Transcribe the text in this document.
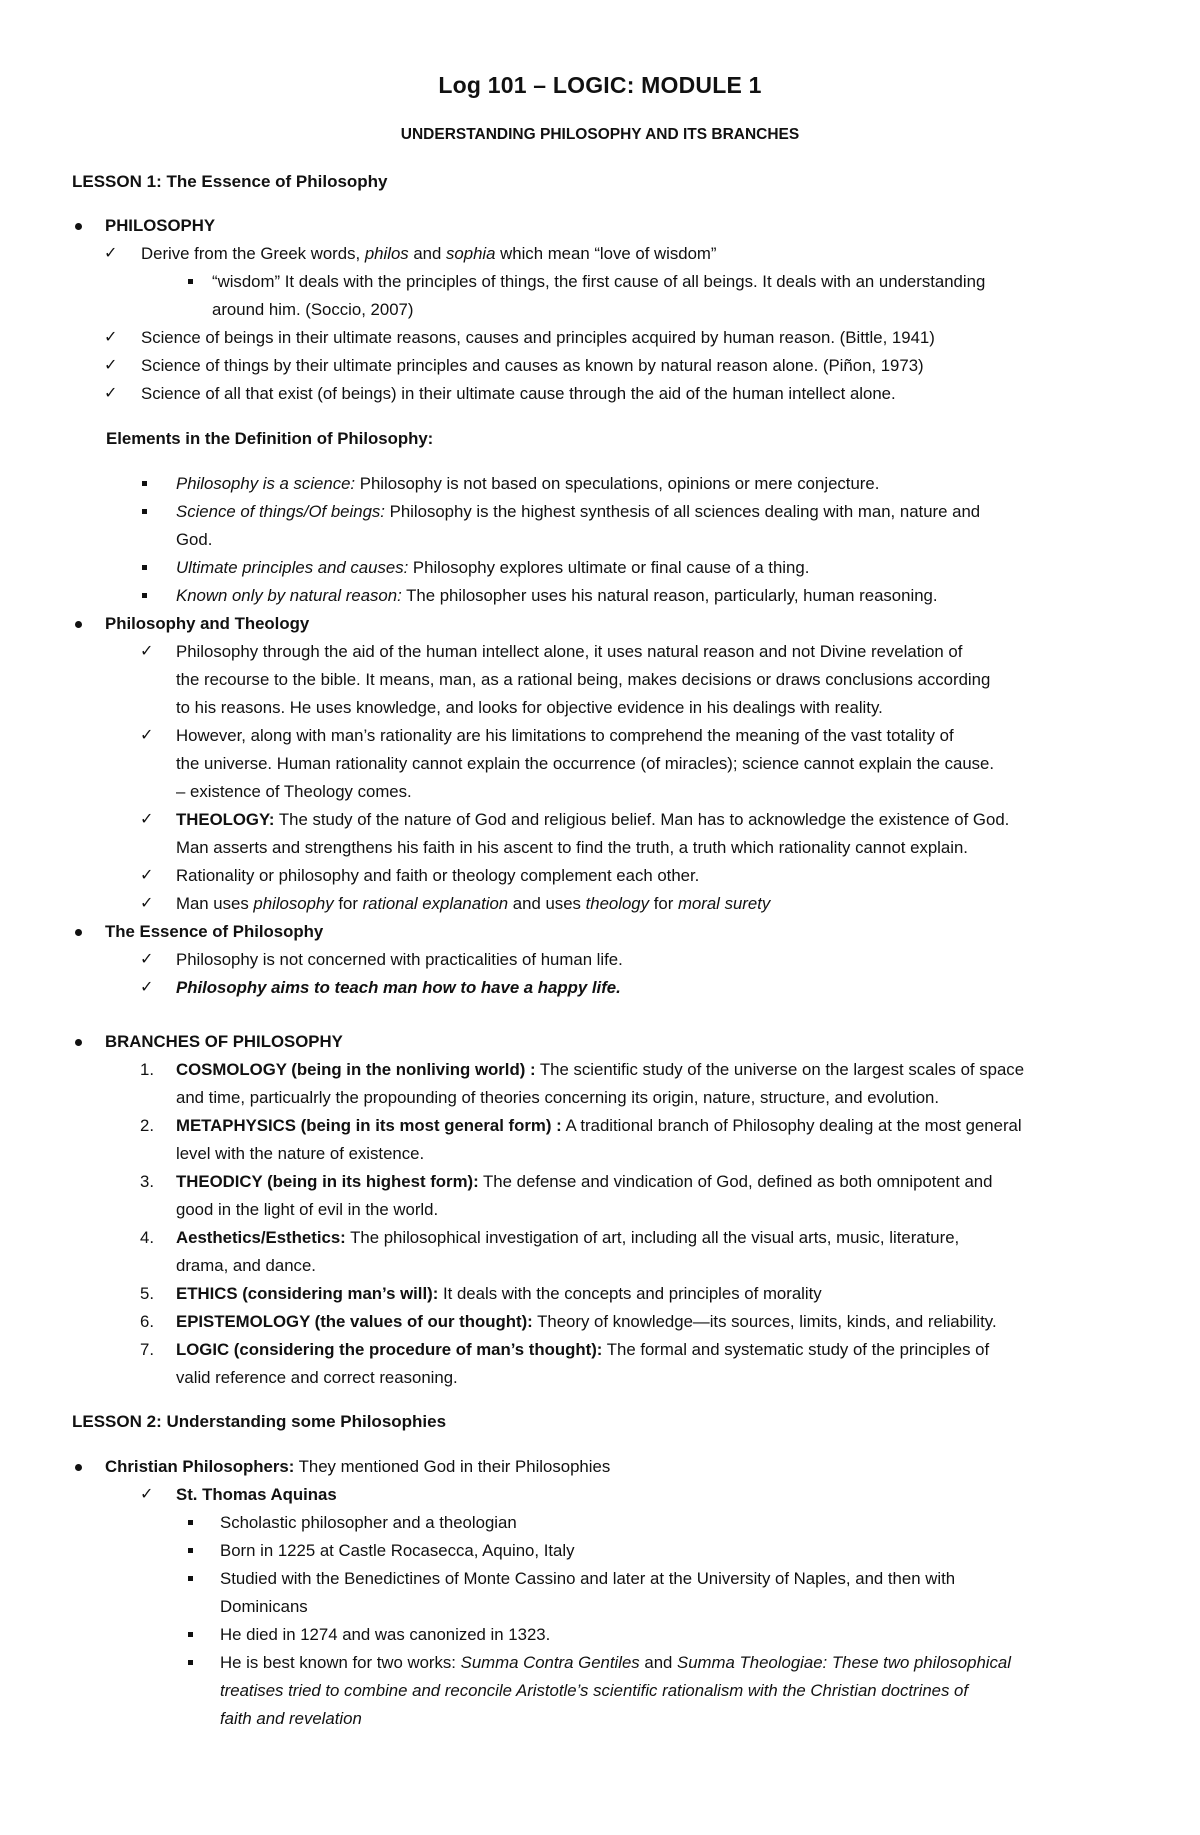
Log 101 – LOGIC: MODULE 1
UNDERSTANDING PHILOSOPHY AND ITS BRANCHES
LESSON 1: The Essence of Philosophy
PHILOSOPHY
✓ Derive from the Greek words, philos and sophia which mean “love of wisdom”
“wisdom” It deals with the principles of things, the first cause of all beings. It deals with an understanding
around him. (Soccio, 2007)
✓ Science of beings in their ultimate reasons, causes and principles acquired by human reason. (Bittle, 1941)
✓ Science of things by their ultimate principles and causes as known by natural reason alone. (Piñon, 1973)
✓ Science of all that exist (of beings) in their ultimate cause through the aid of the human intellect alone.
Elements in the Definition of Philosophy:
Philosophy is a science: Philosophy is not based on speculations, opinions or mere conjecture.
Science of things/Of beings: Philosophy is the highest synthesis of all sciences dealing with man, nature and
God.
Ultimate principles and causes: Philosophy explores ultimate or final cause of a thing.
Known only by natural reason: The philosopher uses his natural reason, particularly, human reasoning.
Philosophy and Theology
✓ Philosophy through the aid of the human intellect alone, it uses natural reason and not Divine revelation of
the recourse to the bible. It means, man, as a rational being, makes decisions or draws conclusions according
to his reasons. He uses knowledge, and looks for objective evidence in his dealings with reality.
✓ However, along with man’s rationality are his limitations to comprehend the meaning of the vast totality of
the universe. Human rationality cannot explain the occurrence (of miracles); science cannot explain the cause.
– existence of Theology comes.
✓ THEOLOGY: The study of the nature of God and religious belief. Man has to acknowledge the existence of God.
Man asserts and strengthens his faith in his ascent to find the truth, a truth which rationality cannot explain.
✓ Rationality or philosophy and faith or theology complement each other.
✓ Man uses philosophy for rational explanation and uses theology for moral surety
The Essence of Philosophy
✓ Philosophy is not concerned with practicalities of human life.
✓ Philosophy aims to teach man how to have a happy life.
BRANCHES OF PHILOSOPHY
1. COSMOLOGY (being in the nonliving world) : The scientific study of the universe on the largest scales of space
and time, particualrly the propounding of theories concerning its origin, nature, structure, and evolution.
2. METAPHYSICS (being in its most general form) : A traditional branch of Philosophy dealing at the most general
level with the nature of existence.
3. THEODICY (being in its highest form): The defense and vindication of God, defined as both omnipotent and
good in the light of evil in the world.
4. Aesthetics/Esthetics: The philosophical investigation of art, including all the visual arts, music, literature,
drama, and dance.
5. ETHICS (considering man’s will): It deals with the concepts and principles of morality
6. EPISTEMOLOGY (the values of our thought): Theory of knowledge—its sources, limits, kinds, and reliability.
7. LOGIC (considering the procedure of man’s thought): The formal and systematic study of the principles of
valid reference and correct reasoning.
LESSON 2: Understanding some Philosophies
Christian Philosophers: They mentioned God in their Philosophies
✓ St. Thomas Aquinas
Scholastic philosopher and a theologian
Born in 1225 at Castle Rocasecca, Aquino, Italy
Studied with the Benedictines of Monte Cassino and later at the University of Naples, and then with
Dominicans
He died in 1274 and was canonized in 1323.
He is best known for two works: Summa Contra Gentiles and Summa Theologiae: These two philosophical
treatises tried to combine and reconcile Aristotle’s scientific rationalism with the Christian doctrines of
faith and revelation
